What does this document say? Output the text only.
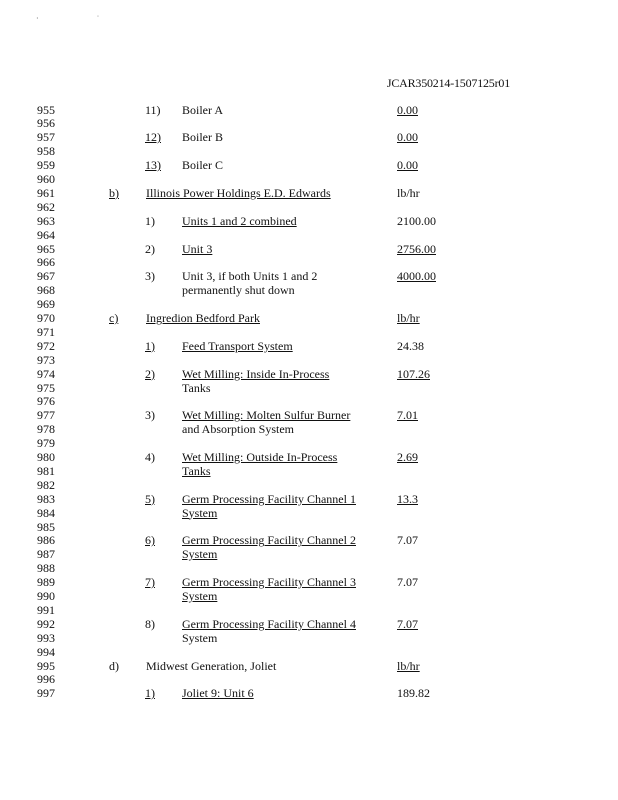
· ˙
JCAR350214-1507125r01
955	11) Boiler A	0.00
956
957	12) Boiler B	0.00
958
959	13) Boiler C	0.00
960
961	b) Illinois Power Holdings E.D. Edwards	lb/hr
962
963	1) Units 1 and 2 combined	2100.00
964
965	2) Unit 3	2756.00
966
967	3) Unit 3, if both Units 1 and 2	4000.00
968	permanently shut down
969
970	c) Ingredion Bedford Park	lb/hr
971
972	1) Feed Transport System	24.38
973
974	2) Wet Milling: Inside In-Process	107.26
975	Tanks
976
977	3) Wet Milling: Molten Sulfur Burner	7.01
978	and Absorption System
979
980	4) Wet Milling: Outside In-Process	2.69
981	Tanks
982
983	5) Germ Processing Facility Channel 1	13.3
984	System
985
986	6) Germ Processing Facility Channel 2	7.07
987	System
988
989	7) Germ Processing Facility Channel 3	7.07
990	System
991
992	8) Germ Processing Facility Channel 4	7.07
993	System
994
995	d) Midwest Generation, Joliet	lb/hr
996
997	1) Joliet 9: Unit 6	189.82
